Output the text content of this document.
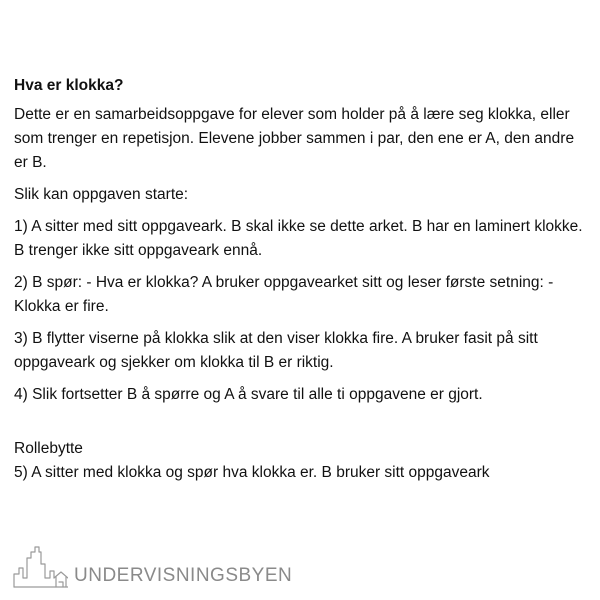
Hva er klokka?

Dette er en samarbeidsoppgave for elever som holder på å lære seg klokka, eller som trenger en repetisjon. Elevene jobber sammen i par, den ene er A, den andre er B.

Slik kan oppgaven starte:

1) A sitter med sitt oppgaveark. B skal ikke se dette arket. B har en laminert klokke. B trenger ikke sitt oppgaveark ennå.

2) B spør: - Hva er klokka? A bruker oppgavearket sitt og leser første setning: - Klokka er fire.

3) B flytter viserne på klokka slik at den viser klokka fire. A bruker fasit på sitt oppgaveark og sjekker om klokka til B er riktig.

4) Slik fortsetter B å spørre og A å svare til alle ti oppgavene er gjort.

Rollebytte

5) A sitter med klokka og spør hva klokka er. B bruker sitt oppgaveark

UNDERVISNINGSBYEN
